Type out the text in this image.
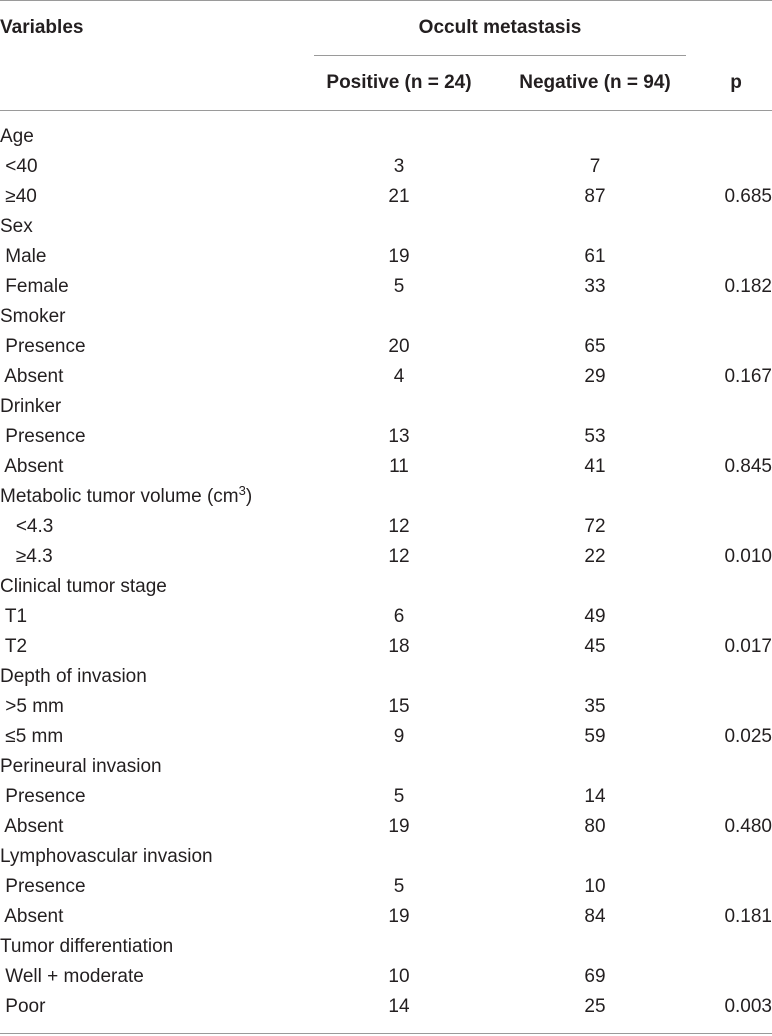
Variables	Occult metastasis
Positive (n = 24)	Negative (n = 94)	p
Age
<40	3	7
≥40	21	87	0.685
Sex
Male	19	61
Female	5	33	0.182
Smoker
Presence	20	65
Absent	4	29	0.167
Drinker
Presence	13	53
Absent	11	41	0.845
Metabolic tumor volume $(cm^3)$
<4.3	12	72
≥4.3	12	22	0.010
Clinical tumor stage
T1	6	49
T2	18	45	0.017
Depth of invasion
>5 mm	15	35
≤5 mm	9	59	0.025
Perineural invasion
Presence	5	14
Absent	19	80	0.480
Lymphovascular invasion
Presence	5	10
Absent	19	84	0.181
Tumor differentiation
Well + moderate	10	69
Poor	14	25	0.003
